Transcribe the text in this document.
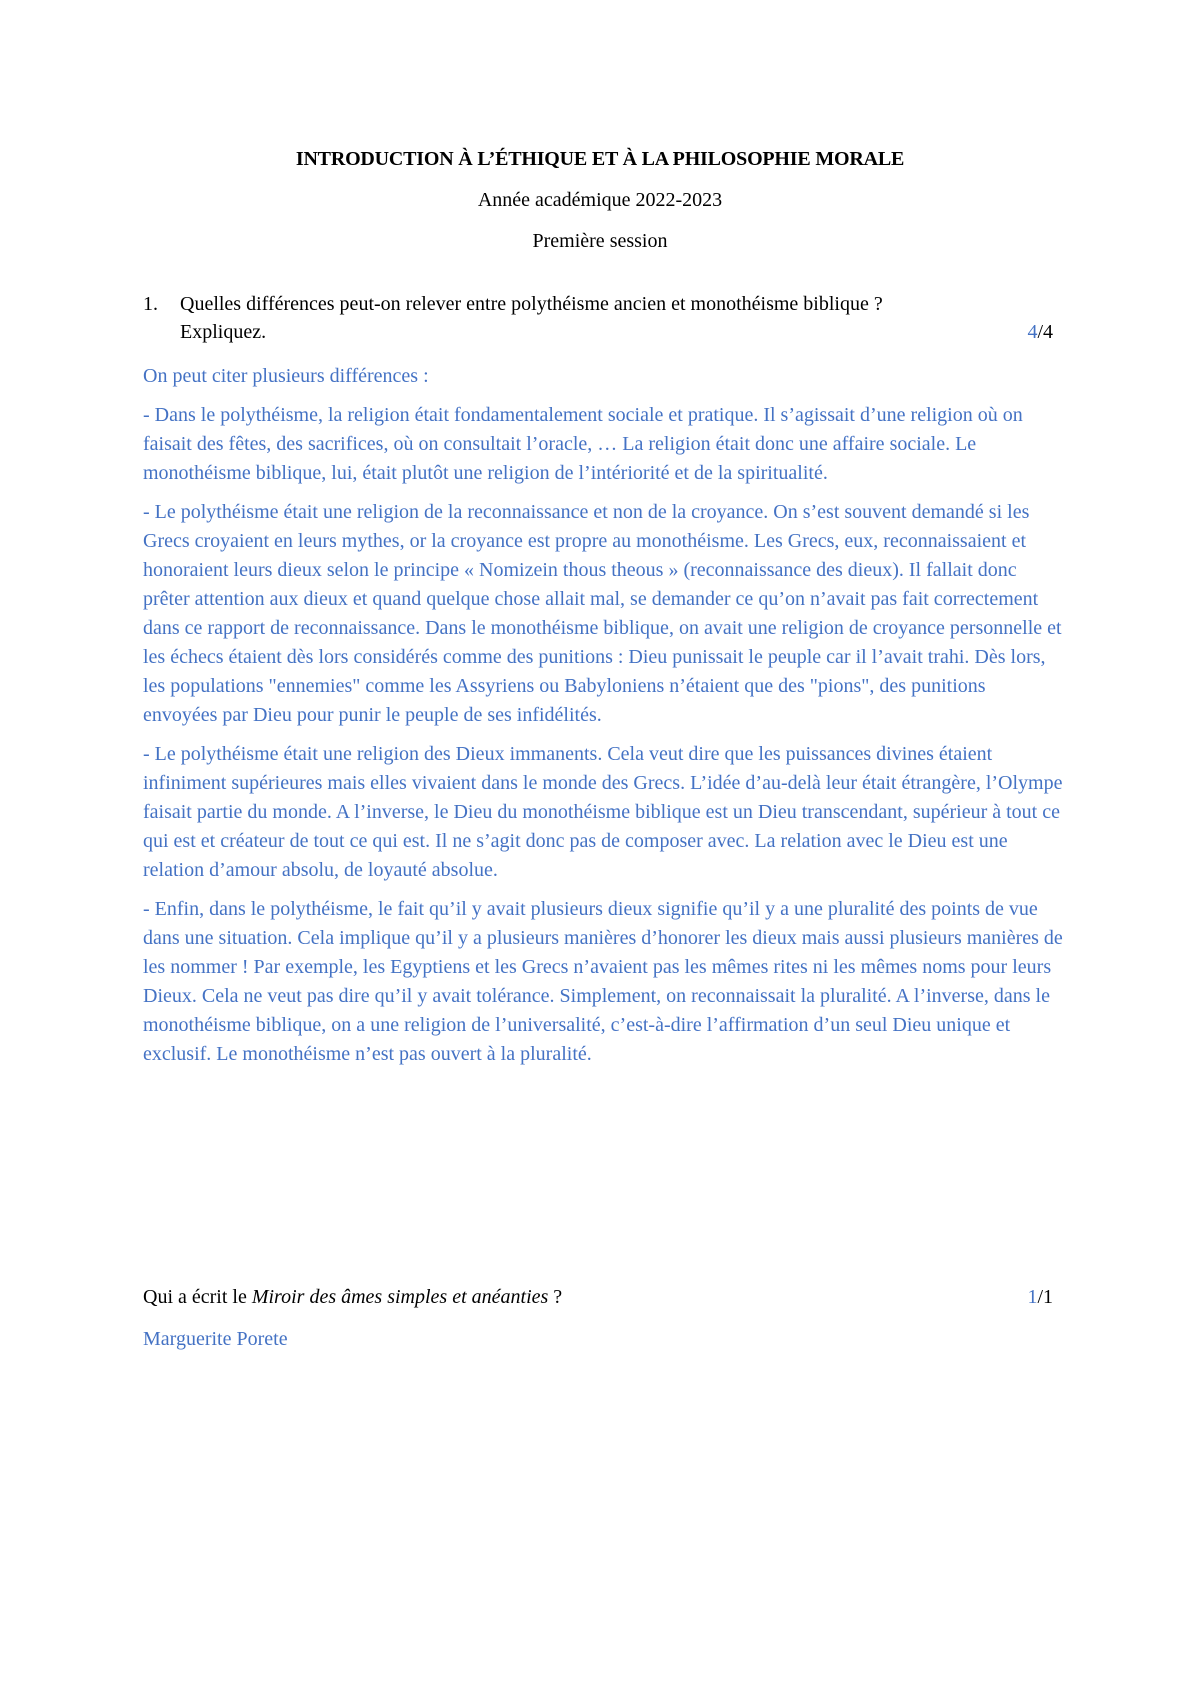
INTRODUCTION À L’ÉTHIQUE ET À LA PHILOSOPHIE MORALE
Année académique 2022-2023
Première session
1. Quelles différences peut-on relever entre polythéisme ancien et monothéisme biblique ?
Expliquez.	4/4

On peut citer plusieurs différences :

- Dans le polythéisme, la religion était fondamentalement sociale et pratique. Il s’agissait d’une religion où on faisait des fêtes, des sacrifices, où on consultait l’oracle, … La religion était donc une affaire sociale. Le monothéisme biblique, lui, était plutôt une religion de l’intériorité et de la spiritualité.

- Le polythéisme était une religion de la reconnaissance et non de la croyance. On s’est souvent demandé si les Grecs croyaient en leurs mythes, or la croyance est propre au monothéisme. Les Grecs, eux, reconnaissaient et honoraient leurs dieux selon le principe « Nomizein thous theous » (reconnaissance des dieux). Il fallait donc prêter attention aux dieux et quand quelque chose allait mal, se demander ce qu’on n’avait pas fait correctement dans ce rapport de reconnaissance. Dans le monothéisme biblique, on avait une religion de croyance personnelle et les échecs étaient dès lors considérés comme des punitions : Dieu punissait le peuple car il l’avait trahi. Dès lors, les populations "ennemies" comme les Assyriens ou Babyloniens n’étaient que des "pions", des punitions envoyées par Dieu pour punir le peuple de ses infidélités.

- Le polythéisme était une religion des Dieux immanents. Cela veut dire que les puissances divines étaient infiniment supérieures mais elles vivaient dans le monde des Grecs. L’idée d’au-delà leur était étrangère, l’Olympe faisait partie du monde. A l’inverse, le Dieu du monothéisme biblique est un Dieu transcendant, supérieur à tout ce qui est et créateur de tout ce qui est. Il ne s’agit donc pas de composer avec. La relation avec le Dieu est une relation d’amour absolu, de loyauté absolue.

- Enfin, dans le polythéisme, le fait qu’il y avait plusieurs dieux signifie qu’il y a une pluralité des points de vue dans une situation. Cela implique qu’il y a plusieurs manières d’honorer les dieux mais aussi plusieurs manières de les nommer ! Par exemple, les Egyptiens et les Grecs n’avaient pas les mêmes rites ni les mêmes noms pour leurs Dieux. Cela ne veut pas dire qu’il y avait tolérance. Simplement, on reconnaissait la pluralité. A l’inverse, dans le monothéisme biblique, on a une religion de l’universalité, c’est-à-dire l’affirmation d’un seul Dieu unique et exclusif. Le monothéisme n’est pas ouvert à la pluralité.

Qui a écrit le Miroir des âmes simples et anéanties ?	1/1
Marguerite Porete
